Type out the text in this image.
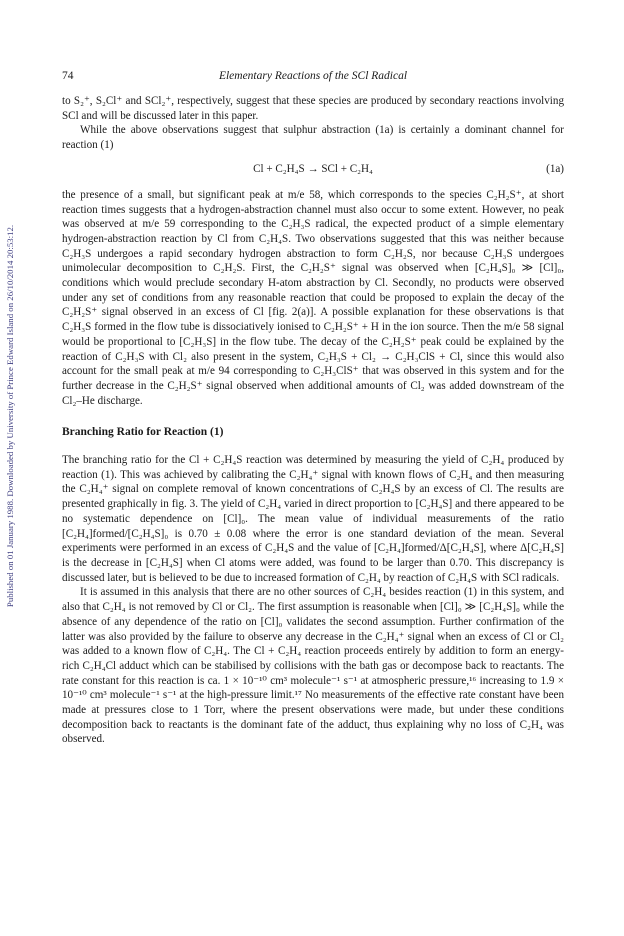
74	Elementary Reactions of the SCl Radical
Published on 01 January 1988. Downloaded by University of Prince Edward Island on 26/10/2014 20:53:12.

to S₂⁺, S₂Cl⁺ and SCl₂⁺, respectively, suggest that these species are produced by secondary reactions involving SCl and will be discussed later in this paper.

While the above observations suggest that sulphur abstraction (1a) is certainly a dominant channel for reaction (1)

Cl + C₂H₄S → SCl + C₂H₄	(1a)

the presence of a small, but significant peak at m/e 58, which corresponds to the species C₂H₂S⁺, at short reaction times suggests that a hydrogen-abstraction channel must also occur to some extent. However, no peak was observed at m/e 59 corresponding to the C₂H₃S radical, the expected product of a simple elementary hydrogen-abstraction reaction by Cl from C₂H₄S. Two observations suggested that this was neither because C₂H₃S undergoes a rapid secondary hydrogen abstraction to form C₂H₂S, nor because C₂H₃S undergoes unimolecular decomposition to C₂H₂S. First, the C₂H₂S⁺ signal was observed when [C₂H₄S]₀ ≫ [Cl]₀, conditions which would preclude secondary H-atom abstraction by Cl. Secondly, no products were observed under any set of conditions from any reasonable reaction that could be proposed to explain the decay of the C₂H₂S⁺ signal observed in an excess of Cl [fig. 2(a)]. A possible explanation for these observations is that C₂H₃S formed in the flow tube is dissociatively ionised to C₂H₂S⁺ + H in the ion source. Then the m/e 58 signal would be proportional to [C₂H₃S] in the flow tube. The decay of the C₂H₂S⁺ peak could be explained by the reaction of C₂H₃S with Cl₂ also present in the system, C₂H₃S + Cl₂ → C₂H₃ClS + Cl, since this would also account for the small peak at m/e 94 corresponding to C₂H₃ClS⁺ that was observed in this system and for the further decrease in the C₂H₂S⁺ signal observed when additional amounts of Cl₂ was added downstream of the Cl₂–He discharge.

Branching Ratio for Reaction (1)

The branching ratio for the Cl + C₂H₄S reaction was determined by measuring the yield of C₂H₄ produced by reaction (1). This was achieved by calibrating the C₂H₄⁺ signal with known flows of C₂H₄ and then measuring the C₂H₄⁺ signal on complete removal of known concentrations of C₂H₄S by an excess of Cl. The results are presented graphically in fig. 3. The yield of C₂H₄ varied in direct proportion to [C₂H₄S] and there appeared to be no systematic dependence on [Cl]₀. The mean value of individual measurements of the ratio [C₂H₄]formed/[C₂H₄S]₀ is 0.70 ± 0.08 where the error is one standard deviation of the mean. Several experiments were performed in an excess of C₂H₄S and the value of [C₂H₄]formed/Δ[C₂H₄S], where Δ[C₂H₄S] is the decrease in [C₂H₄S] when Cl atoms were added, was found to be larger than 0.70. This discrepancy is discussed later, but is believed to be due to increased formation of C₂H₄ by reaction of C₂H₄S with SCl radicals.

It is assumed in this analysis that there are no other sources of C₂H₄ besides reaction (1) in this system, and also that C₂H₄ is not removed by Cl or Cl₂. The first assumption is reasonable when [Cl]₀ ≫ [C₂H₄S]₀ while the absence of any dependence of the ratio on [Cl]₀ validates the second assumption. Further confirmation of the latter was also provided by the failure to observe any decrease in the C₂H₄⁺ signal when an excess of Cl or Cl₂ was added to a known flow of C₂H₄. The Cl + C₂H₄ reaction proceeds entirely by addition to form an energy-rich C₂H₄Cl adduct which can be stabilised by collisions with the bath gas or decompose back to reactants. The rate constant for this reaction is ca. 1 × 10⁻¹⁰ cm³ molecule⁻¹ s⁻¹ at atmospheric pressure,¹⁶ increasing to 1.9 × 10⁻¹⁰ cm³ molecule⁻¹ s⁻¹ at the high-pressure limit.¹⁷ No measurements of the effective rate constant have been made at pressures close to 1 Torr, where the present observations were made, but under these conditions decomposition back to reactants is the dominant fate of the adduct, thus explaining why no loss of C₂H₄ was observed.
